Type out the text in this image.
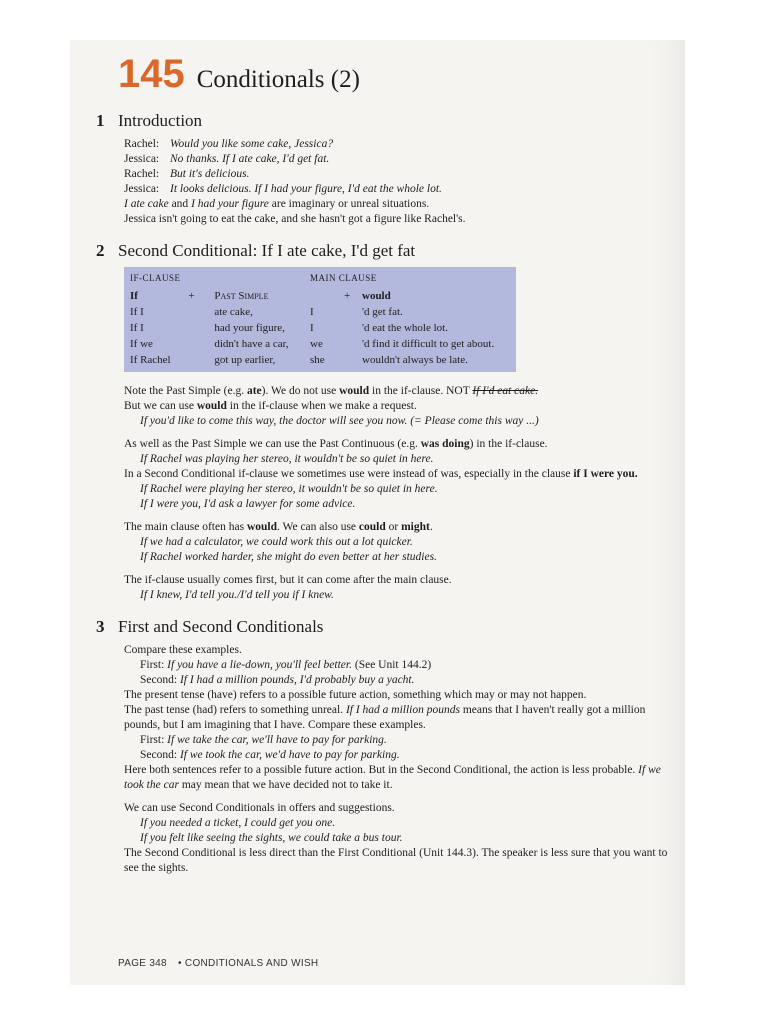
145 Conditionals (2)
1 Introduction
Rachel: Would you like some cake, Jessica?
Jessica: No thanks. If I ate cake, I'd get fat.
Rachel: But it's delicious.
Jessica: It looks delicious. If I had your figure, I'd eat the whole lot.
I ate cake and I had your figure are imaginary or unreal situations.
Jessica isn't going to eat the cake, and she hasn't got a figure like Rachel's.
2 Second Conditional: If I ate cake, I'd get fat
IF-CLAUSE			MAIN CLAUSE		
If	+	Past Simple		+	would
If I		ate cake,	I		'd get fat.
If I		had your figure,	I		'd eat the whole lot.
If we		didn't have a car,	we		'd find it difficult to get about.
If Rachel		got up earlier,	she		wouldn't always be late.
Note the Past Simple (e.g. ate). We do not use would in the if-clause. NOT If I'd eat cake.
But we can use would in the if-clause when we make a request.
If you'd like to come this way, the doctor will see you now. (= Please come this way ...)
As well as the Past Simple we can use the Past Continuous (e.g. was doing) in the if-clause.
If Rachel was playing her stereo, it wouldn't be so quiet in here.
In a Second Conditional if-clause we sometimes use were instead of was, especially in the clause if I were you.
If Rachel were playing her stereo, it wouldn't be so quiet in here.
If I were you, I'd ask a lawyer for some advice.
The main clause often has would. We can also use could or might.
If we had a calculator, we could work this out a lot quicker.
If Rachel worked harder, she might do even better at her studies.
The if-clause usually comes first, but it can come after the main clause.
If I knew, I'd tell you./I'd tell you if I knew.
3 First and Second Conditionals
Compare these examples.
First: If you have a lie-down, you'll feel better. (See Unit 144.2)
Second: If I had a million pounds, I'd probably buy a yacht.
The present tense (have) refers to a possible future action, something which may or may not happen.
The past tense (had) refers to something unreal. If I had a million pounds means that I haven't really got a million pounds, but I am imagining that I have. Compare these examples.
First: If we take the car, we'll have to pay for parking.
Second: If we took the car, we'd have to pay for parking.
Here both sentences refer to a possible future action. But in the Second Conditional, the action is less probable. If we took the car may mean that we have decided not to take it.
We can use Second Conditionals in offers and suggestions.
If you needed a ticket, I could get you one.
If you felt like seeing the sights, we could take a bus tour.
The Second Conditional is less direct than the First Conditional (Unit 144.3). The speaker is less sure that you want to see the sights.
PAGE 348 • CONDITIONALS AND WISH
